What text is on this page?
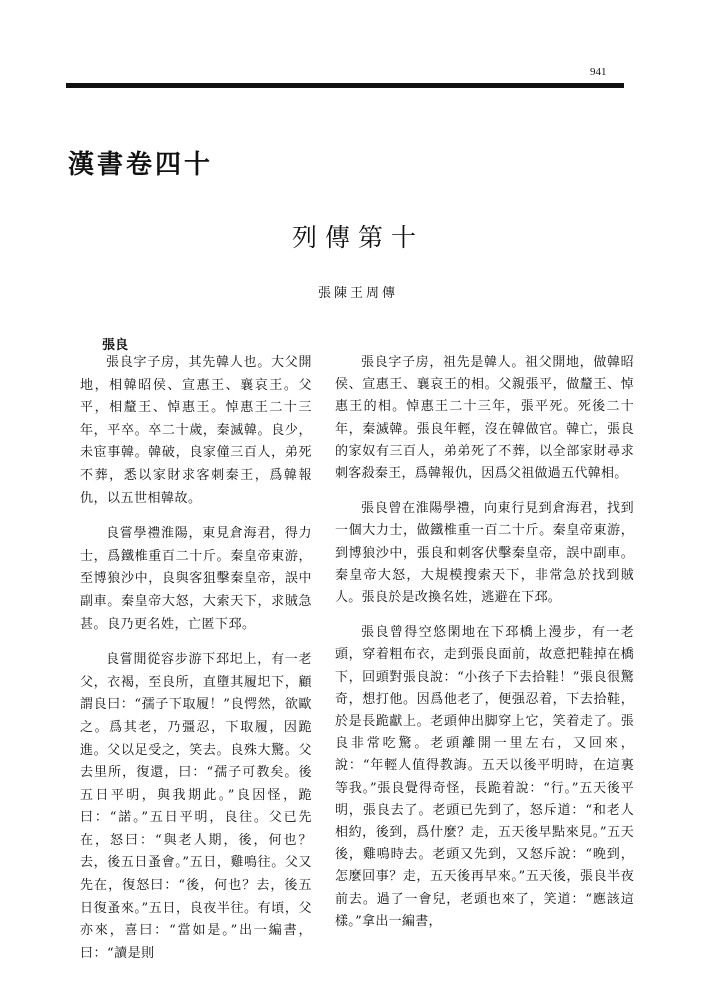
941
漢書卷四十
列傳第十
張陳王周傳
張良

張良字子房，其先韓人也。大父開地，相韓昭侯、宣惠王、襄哀王。父平，相釐王、悼惠王。悼惠王二十三年，平卒。卒二十歲，秦滅韓。良少，未宦事韓。韓破，良家僮三百人，弟死不葬，悉以家財求客刺秦王，爲韓報仇，以五世相韓故。

良嘗學禮淮陽，東見倉海君，得力士，爲鐵椎重百二十斤。秦皇帝東游，至博狼沙中，良與客狙擊秦皇帝，誤中副車。秦皇帝大怒，大索天下，求賊急甚。良乃更名姓，亡匿下邳。

良嘗閒從容步游下邳圯上，有一老父，衣褐，至良所，直墮其履圯下，顧謂良曰：“孺子下取履！”良愕然，欲歐之。爲其老，乃彊忍，下取履，因跪進。父以足受之，笑去。良殊大驚。父去里所，復還，曰：“孺子可教矣。後五日平明，與我期此。”良因怪，跪曰：“諾。”五日平明，良往。父已先在，怒曰：“與老人期，後，何也？去，後五日蚤會。”五日，雞鳴往。父又先在，復怒曰：“後，何也？去，後五日復蚤來。”五日，良夜半往。有頃，父亦來，喜曰：“當如是。”出一編書，曰：“讀是則

張良字子房，祖先是韓人。祖父開地，做韓昭侯、宣惠王、襄哀王的相。父親張平，做釐王、悼惠王的相。悼惠王二十三年，張平死。死後二十年，秦滅韓。張良年輕，沒在韓做官。韓亡，張良的家奴有三百人，弟弟死了不葬，以全部家財尋求刺客殺秦王，爲韓報仇，因爲父祖做過五代韓相。

張良曾在淮陽學禮，向東行見到倉海君，找到一個大力士，做鐵椎重一百二十斤。秦皇帝東游，到博狼沙中，張良和刺客伏擊秦皇帝，誤中副車。秦皇帝大怒，大規模搜索天下，非常急於找到賊人。張良於是改換名姓，逃避在下邳。

張良曾得空悠閑地在下邳橋上漫步，有一老頭，穿着粗布衣，走到張良面前，故意把鞋掉在橋下，回頭對張良說：“小孩子下去拾鞋！”張良很驚奇，想打他。因爲他老了，便强忍着，下去拾鞋，於是長跪獻上。老頭伸出脚穿上它，笑着走了。張良非常吃驚。老頭離開一里左右，又回來，說：“年輕人值得教誨。五天以後平明時，在這裏等我。”張良覺得奇怪，長跪着說：“行。”五天後平明，張良去了。老頭已先到了，怒斥道：“和老人相約，後到，爲什麼？走，五天後早點來見。”五天後，雞鳴時去。老頭又先到，又怒斥說：“晚到，怎麼回事？走，五天後再早來。”五天後，張良半夜前去。過了一會兒，老頭也來了，笑道：“應該這樣。”拿出一編書，
